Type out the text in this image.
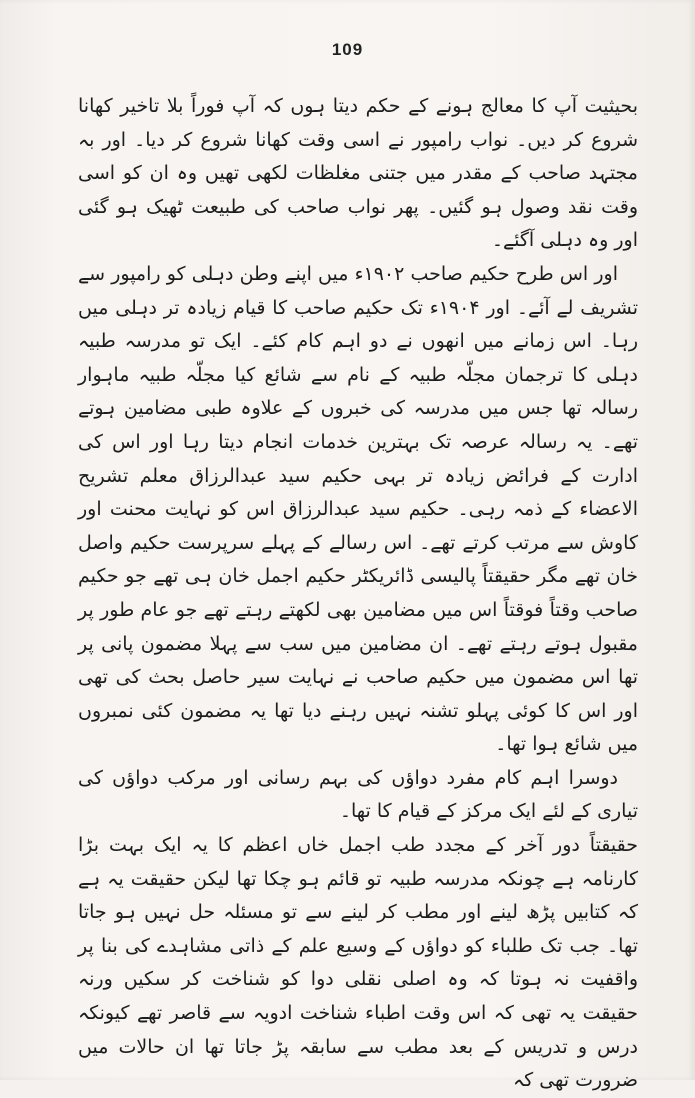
109

بحیثیت آپ کا معالج ہونے کے حکم دیتا ہوں کہ آپ فوراً بلا تاخیر کھانا شروع کر دیں۔ نواب رامپور نے اسی وقت کھانا شروع کر دیا۔ اور بہ مجتہد صاحب کے مقدر میں جتنی مغلظات لکھی تھیں وہ ان کو اسی وقت نقد وصول ہو گئیں۔ پھر نواب صاحب کی طبیعت ٹھیک ہو گئی اور وہ دہلی آگئے۔

اور اس طرح حکیم صاحب ۱۹۰۲ء میں اپنے وطن دہلی کو رامپور سے تشریف لے آئے۔ اور ۱۹۰۴ء تک حکیم صاحب کا قیام زیادہ تر دہلی میں رہا۔ اس زمانے میں انھوں نے دو اہم کام کئے۔ ایک تو مدرسہ طبیہ دہلی کا ترجمان مجلّہ طبیہ کے نام سے شائع کیا مجلّہ طبیہ ماہوار رسالہ تھا جس میں مدرسہ کی خبروں کے علاوہ طبی مضامین ہوتے تھے۔ یہ رسالہ عرصہ تک بہترین خدمات انجام دیتا رہا اور اس کی ادارت کے فرائض زیادہ تر بہی حکیم سید عبدالرزاق معلم تشریح الاعضاء کے ذمہ رہی۔ حکیم سید عبدالرزاق اس کو نہایت محنت اور کاوش سے مرتب کرتے تھے۔ اس رسالے کے پہلے سرپرست حکیم واصل خان تھے مگر حقیقتاً پالیسی ڈائریکٹر حکیم اجمل خان ہی تھے جو حکیم صاحب وقتاً فوقتاً اس میں مضامین بھی لکھتے رہتے تھے جو عام طور پر مقبول ہوتے رہتے تھے۔ ان مضامین میں سب سے پہلا مضمون پانی پر تھا اس مضمون میں حکیم صاحب نے نہایت سیر حاصل بحث کی تھی اور اس کا کوئی پہلو تشنہ نہیں رہنے دیا تھا یہ مضمون کئی نمبروں میں شائع ہوا تھا۔

دوسرا اہم کام مفرد دواؤں کی بہم رسانی اور مرکب دواؤں کی تیاری کے لئے ایک مرکز کے قیام کا تھا۔

حقیقتاً دور آخر کے مجدد طب اجمل خاں اعظم کا یہ ایک بہت بڑا کارنامہ ہے چونکہ مدرسہ طبیہ تو قائم ہو چکا تھا لیکن حقیقت یہ ہے کہ کتابیں پڑھ لینے اور مطب کر لینے سے تو مسئلہ حل نہیں ہو جاتا تھا۔ جب تک طلباء کو دواؤں کے وسیع علم کے ذاتی مشاہدے کی بنا پر واقفیت نہ ہوتا کہ وہ اصلی نقلی دوا کو شناخت کر سکیں ورنہ حقیقت یہ تھی کہ اس وقت اطباء شناخت ادویہ سے قاصر تھے کیونکہ درس و تدریس کے بعد مطب سے سابقہ پڑ جاتا تھا ان حالات میں ضرورت تھی کہ
